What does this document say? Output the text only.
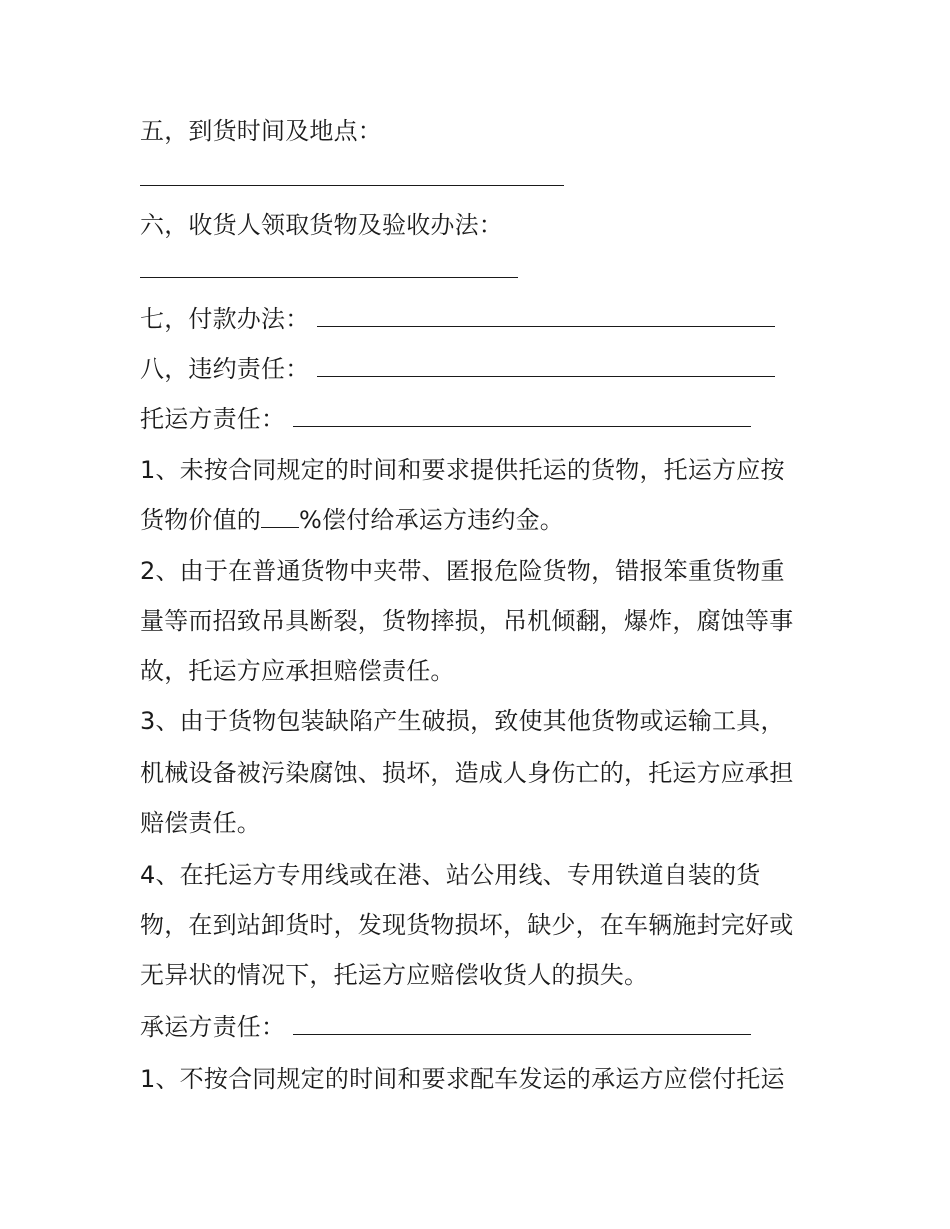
五，到货时间及地点：
六，收货人领取货物及验收办法：
七，付款办法：
八，违约责任：
托运方责任：
1、未按合同规定的时间和要求提供托运的货物，托运方应按
货物价值的 %偿付给承运方违约金。
2、由于在普通货物中夹带、匿报危险货物，错报笨重货物重
量等而招致吊具断裂，货物摔损，吊机倾翻，爆炸，腐蚀等事
故，托运方应承担赔偿责任。
3、由于货物包装缺陷产生破损，致使其他货物或运输工具，
机械设备被污染腐蚀、损坏，造成人身伤亡的，托运方应承担
赔偿责任。
4、在托运方专用线或在港、站公用线、专用铁道自装的货
物，在到站卸货时，发现货物损坏，缺少，在车辆施封完好或
无异状的情况下，托运方应赔偿收货人的损失。
承运方责任：
1、不按合同规定的时间和要求配车发运的承运方应偿付托运
